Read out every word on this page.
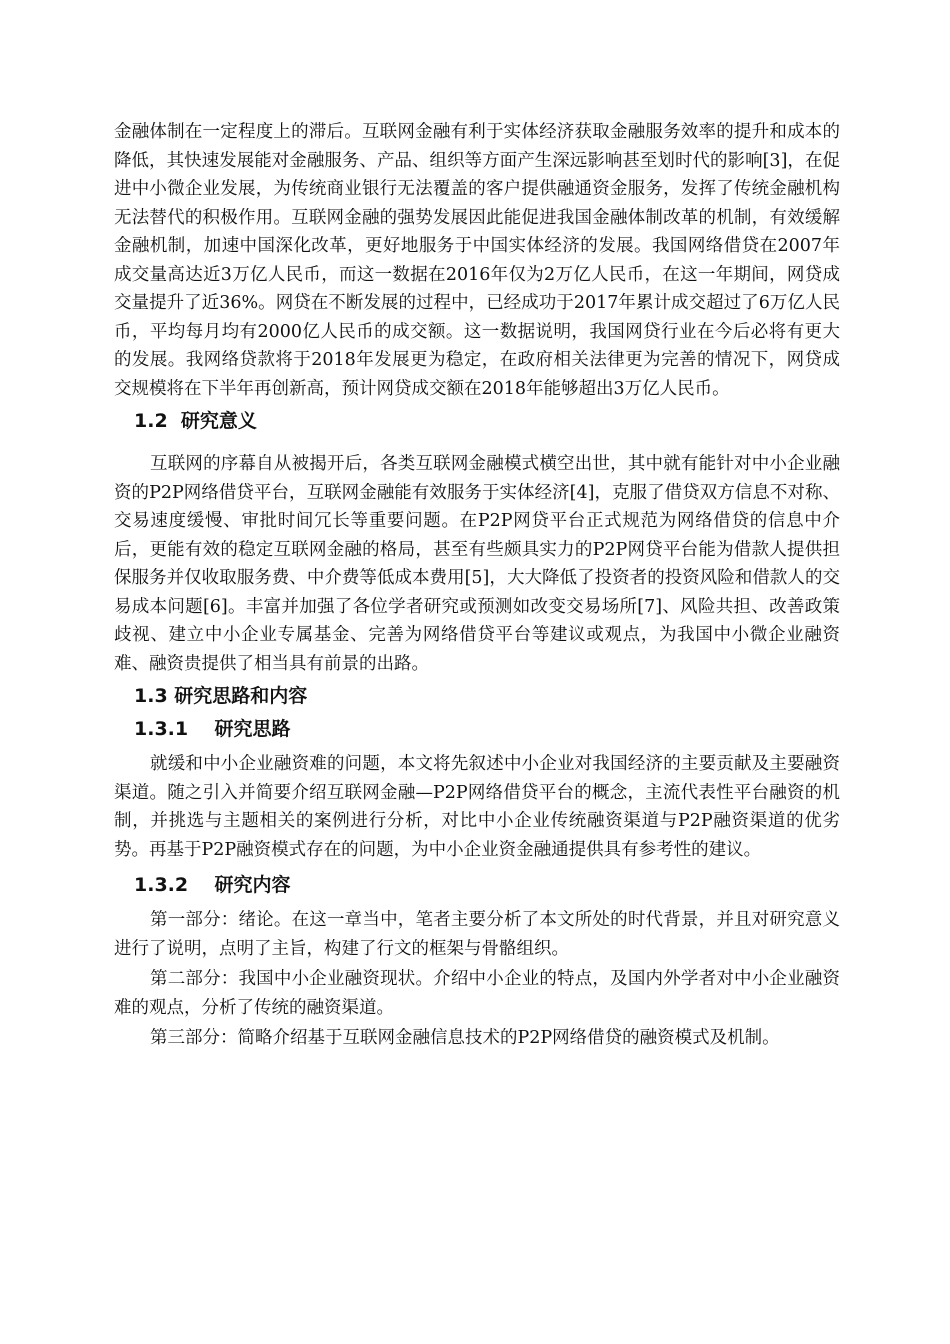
金融体制在一定程度上的滞后。互联网金融有利于实体经济获取金融服务效率的提升和成本的降低，其快速发展能对金融服务、产品、组织等方面产生深远影响甚至划时代的影响[3]，在促进中小微企业发展，为传统商业银行无法覆盖的客户提供融通资金服务，发挥了传统金融机构无法替代的积极作用。互联网金融的强势发展因此能促进我国金融体制改革的机制，有效缓解金融机制，加速中国深化改革，更好地服务于中国实体经济的发展。我国网络借贷在2007年成交量高达近3万亿人民币，而这一数据在2016年仅为2万亿人民币，在这一年期间，网贷成交量提升了近36%。网贷在不断发展的过程中，已经成功于2017年累计成交超过了6万亿人民币，平均每月均有2000亿人民币的成交额。这一数据说明，我国网贷行业在今后必将有更大的发展。我网络贷款将于2018年发展更为稳定，在政府相关法律更为完善的情况下，网贷成交规模将在下半年再创新高，预计网贷成交额在2018年能够超出3万亿人民币。

1.2  研究意义

互联网的序幕自从被揭开后，各类互联网金融模式横空出世，其中就有能针对中小企业融资的P2P网络借贷平台，互联网金融能有效服务于实体经济[4]，克服了借贷双方信息不对称、交易速度缓慢、审批时间冗长等重要问题。在P2P网贷平台正式规范为网络借贷的信息中介后，更能有效的稳定互联网金融的格局，甚至有些颇具实力的P2P网贷平台能为借款人提供担保服务并仅收取服务费、中介费等低成本费用[5]，大大降低了投资者的投资风险和借款人的交易成本问题[6]。丰富并加强了各位学者研究或预测如改变交易场所[7]、风险共担、改善政策歧视、建立中小企业专属基金、完善为网络借贷平台等建议或观点，为我国中小微企业融资难、融资贵提供了相当具有前景的出路。

1.3 研究思路和内容
1.3.1    研究思路

就缓和中小企业融资难的问题，本文将先叙述中小企业对我国经济的主要贡献及主要融资渠道。随之引入并简要介绍互联网金融—P2P网络借贷平台的概念，主流代表性平台融资的机制，并挑选与主题相关的案例进行分析，对比中小企业传统融资渠道与P2P融资渠道的优劣势。再基于P2P融资模式存在的问题，为中小企业资金融通提供具有参考性的建议。

1.3.2    研究内容

第一部分：绪论。在这一章当中，笔者主要分析了本文所处的时代背景，并且对研究意义进行了说明，点明了主旨，构建了行文的框架与骨骼组织。

第二部分：我国中小企业融资现状。介绍中小企业的特点，及国内外学者对中小企业融资难的观点，分析了传统的融资渠道。

第三部分：简略介绍基于互联网金融信息技术的P2P网络借贷的融资模式及机制。
